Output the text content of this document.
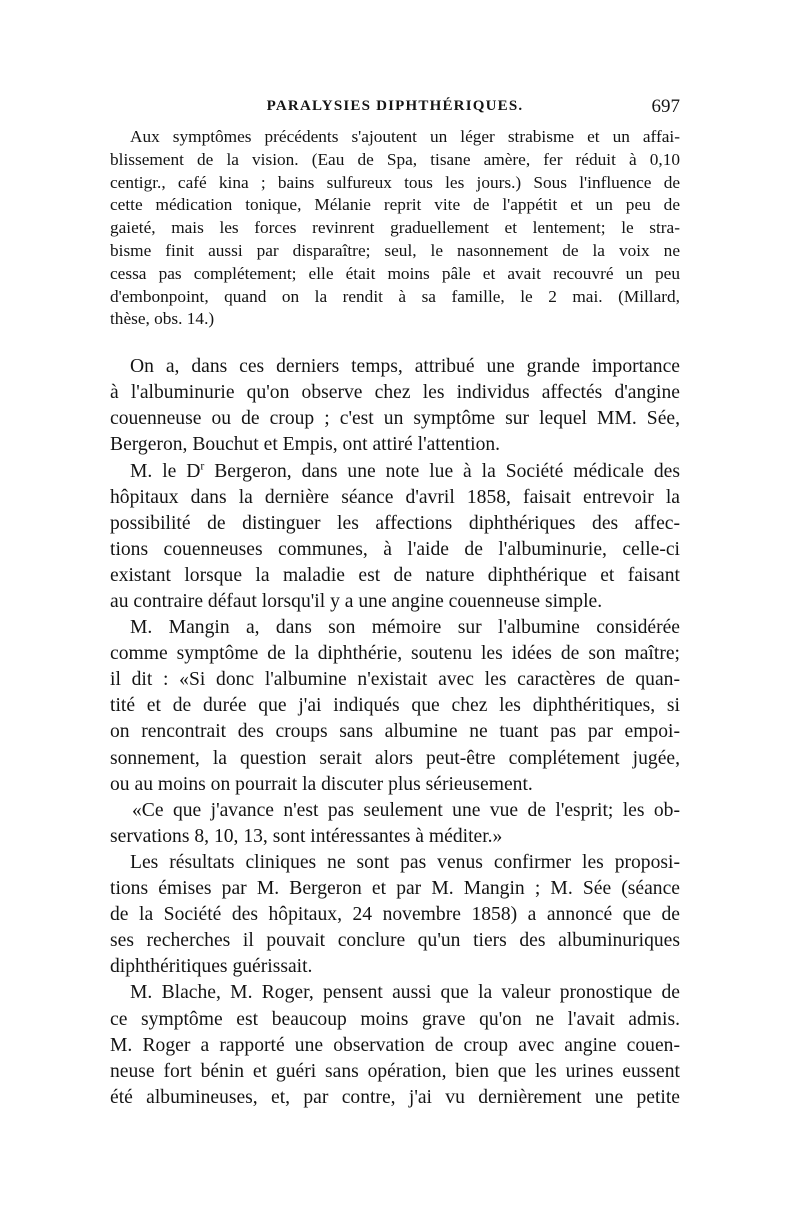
PARALYSIES DIPHTHÉRIQUES.	697
Aux symptômes précédents s'ajoutent un léger strabisme et un affai-
blissement de la vision. (Eau de Spa, tisane amère, fer réduit à 0,10
centigr., café kina ; bains sulfureux tous les jours.) Sous l'influence de
cette médication tonique, Mélanie reprit vite de l'appétit et un peu de
gaieté, mais les forces revinrent graduellement et lentement; le stra-
bisme finit aussi par disparaître; seul, le nasonnement de la voix ne
cessa pas complétement; elle était moins pâle et avait recouvré un peu
d'embonpoint, quand on la rendit à sa famille, le 2 mai. (Millard,
thèse, obs. 14.)
On a, dans ces derniers temps, attribué une grande importance
à l'albuminurie qu'on observe chez les individus affectés d'angine
couenneuse ou de croup ; c'est un symptôme sur lequel MM. Sée,
Bergeron, Bouchut et Empis, ont attiré l'attention.
M. le $D^r$ Bergeron, dans une note lue à la Société médicale des
hôpitaux dans la dernière séance d'avril 1858, faisait entrevoir la
possibilité de distinguer les affections diphthériques des affec-
tions couenneuses communes, à l'aide de l'albuminurie, celle-ci
existant lorsque la maladie est de nature diphthérique et faisant
au contraire défaut lorsqu'il y a une angine couenneuse simple.
M. Mangin a, dans son mémoire sur l'albumine considérée
comme symptôme de la diphthérie, soutenu les idées de son maître;
il dit : «Si donc l'albumine n'existait avec les caractères de quan-
tité et de durée que j'ai indiqués que chez les diphthéritiques, si
on rencontrait des croups sans albumine ne tuant pas par empoi-
sonnement, la question serait alors peut-être complétement jugée,
ou au moins on pourrait la discuter plus sérieusement.
«Ce que j'avance n'est pas seulement une vue de l'esprit; les ob-
servations 8, 10, 13, sont intéressantes à méditer.»
Les résultats cliniques ne sont pas venus confirmer les proposi-
tions émises par M. Bergeron et par M. Mangin ; M. Sée (séance
de la Société des hôpitaux, 24 novembre 1858) a annoncé que de
ses recherches il pouvait conclure qu'un tiers des albuminuriques
diphthéritiques guérissait.
M. Blache, M. Roger, pensent aussi que la valeur pronostique de
ce symptôme est beaucoup moins grave qu'on ne l'avait admis.
M. Roger a rapporté une observation de croup avec angine couen-
neuse fort bénin et guéri sans opération, bien que les urines eussent
été albumineuses, et, par contre, j'ai vu dernièrement une petite
